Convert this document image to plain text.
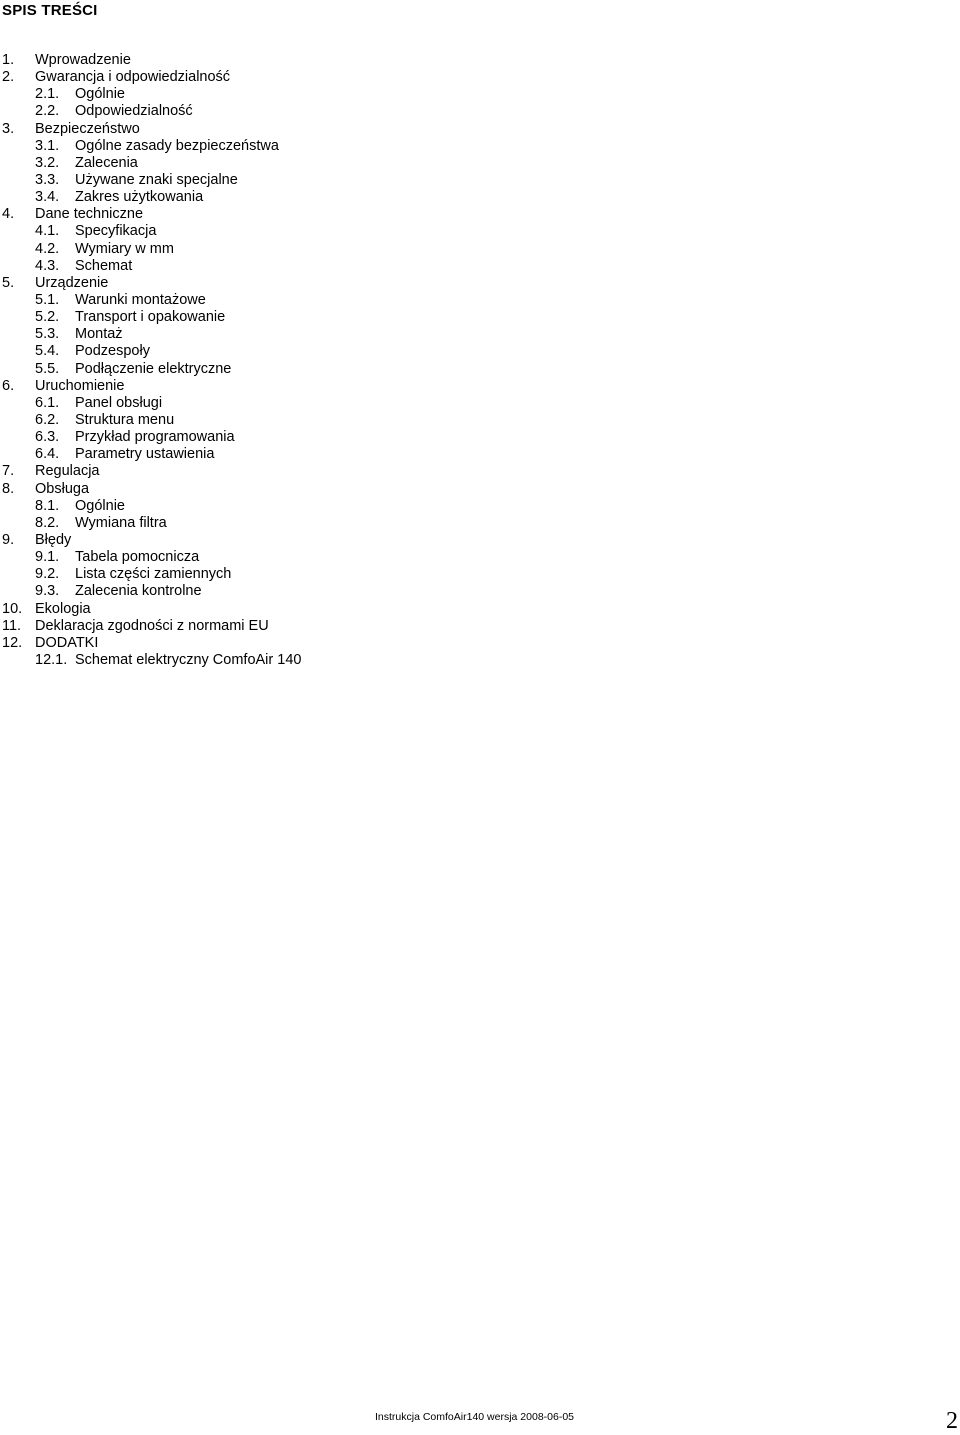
SPIS TREŚCI
1. Wprowadzenie
2. Gwarancja i odpowiedzialność
2.1. Ogólnie
2.2. Odpowiedzialność
3. Bezpieczeństwo
3.1. Ogólne zasady bezpieczeństwa
3.2. Zalecenia
3.3. Używane znaki specjalne
3.4. Zakres użytkowania
4. Dane techniczne
4.1. Specyfikacja
4.2. Wymiary w mm
4.3. Schemat
5. Urządzenie
5.1. Warunki montażowe
5.2. Transport i opakowanie
5.3. Montaż
5.4. Podzespoły
5.5. Podłączenie elektryczne
6. Uruchomienie
6.1. Panel obsługi
6.2. Struktura menu
6.3. Przykład programowania
6.4. Parametry ustawienia
7. Regulacja
8. Obsługa
8.1. Ogólnie
8.2. Wymiana filtra
9. Błędy
9.1. Tabela pomocnicza
9.2. Lista części zamiennych
9.3. Zalecenia kontrolne
10. Ekologia
11. Deklaracja zgodności z normami EU
12. DODATKI
12.1. Schemat elektryczny ComfoAir 140
Instrukcja ComfoAir140 wersja 2008-06-05	2
